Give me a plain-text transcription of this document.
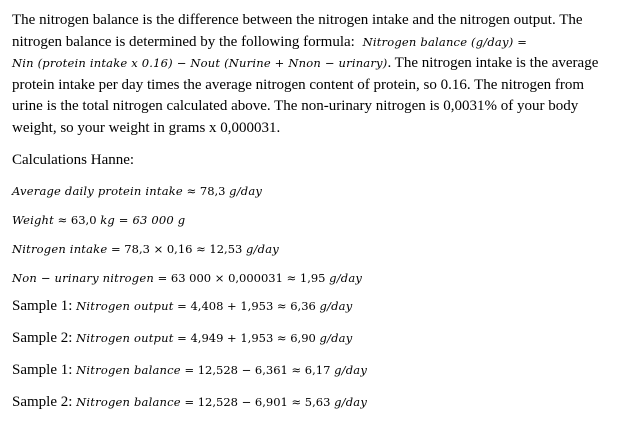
The nitrogen balance is the difference between the nitrogen intake and the nitrogen output. The nitrogen balance is determined by the following formula: Nitrogen balance (g/day) =
Nin (protein intake x 0.16) − Nout (Nurine + Nnon − urinary). The nitrogen intake is the average protein intake per day times the average nitrogen content of protein, so 0.16. The nitrogen from urine is the total nitrogen calculated above. The non-urinary nitrogen is 0,0031% of your body weight, so your weight in grams x 0,000031.

Calculations Hanne:

Average daily protein intake ≈ 78,3 g/day
Weight ≈ 63,0 kg = 63 000 g
Nitrogen intake = 78,3 × 0,16 ≈ 12,53 g/day
Non − urinary nitrogen = 63 000 × 0,000031 ≈ 1,95 g/day
Sample 1: Nitrogen output = 4,408 + 1,953 ≈ 6,36 g/day
Sample 2: Nitrogen output = 4,949 + 1,953 ≈ 6,90 g/day
Sample 1: Nitrogen balance = 12,528 − 6,361 ≈ 6,17 g/day
Sample 2: Nitrogen balance = 12,528 − 6,901 ≈ 5,63 g/day
